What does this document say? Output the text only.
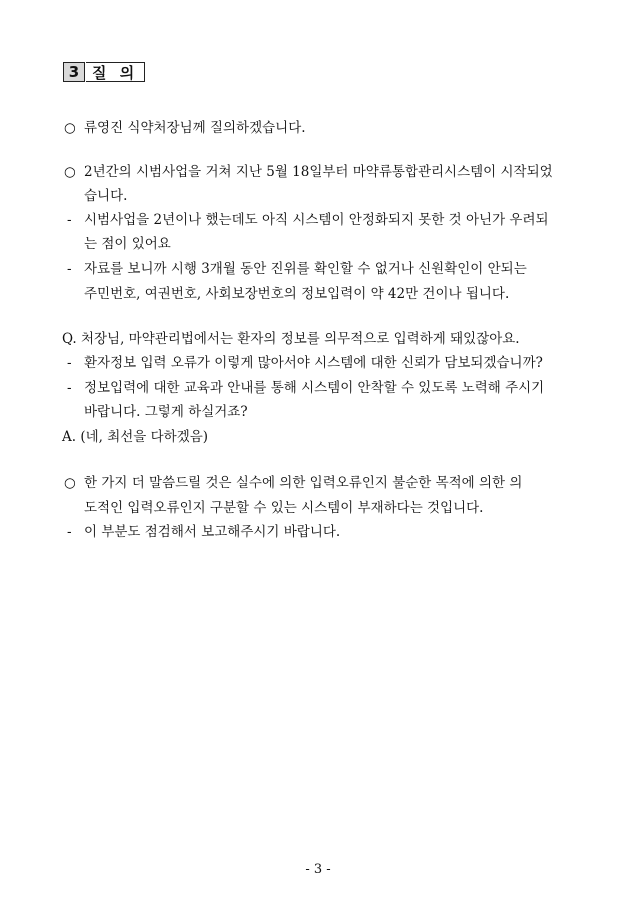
3 질 의
○ 류영진 식약처장님께 질의하겠습니다.
○ 2년간의 시범사업을 거쳐 지난 5월 18일부터 마약류통합관리시스템이 시작되었
습니다.
- 시범사업을 2년이나 했는데도 아직 시스템이 안정화되지 못한 것 아닌가 우려되
는 점이 있어요
- 자료를 보니까 시행 3개월 동안 진위를 확인할 수 없거나 신원확인이 안되는
주민번호, 여권번호, 사회보장번호의 정보입력이 약 42만 건이나 됩니다.
Q. 처장님, 마약관리법에서는 환자의 정보를 의무적으로 입력하게 돼있잖아요.
- 환자정보 입력 오류가 이렇게 많아서야 시스템에 대한 신뢰가 담보되겠습니까?
- 정보입력에 대한 교육과 안내를 통해 시스템이 안착할 수 있도록 노력해 주시기
바랍니다. 그렇게 하실거죠?
A. (네, 최선을 다하겠음)
○ 한 가지 더 말씀드릴 것은 실수에 의한 입력오류인지 불순한 목적에 의한 의
도적인 입력오류인지 구분할 수 있는 시스템이 부재하다는 것입니다.
- 이 부분도 점검해서 보고해주시기 바랍니다.
- 3 -
